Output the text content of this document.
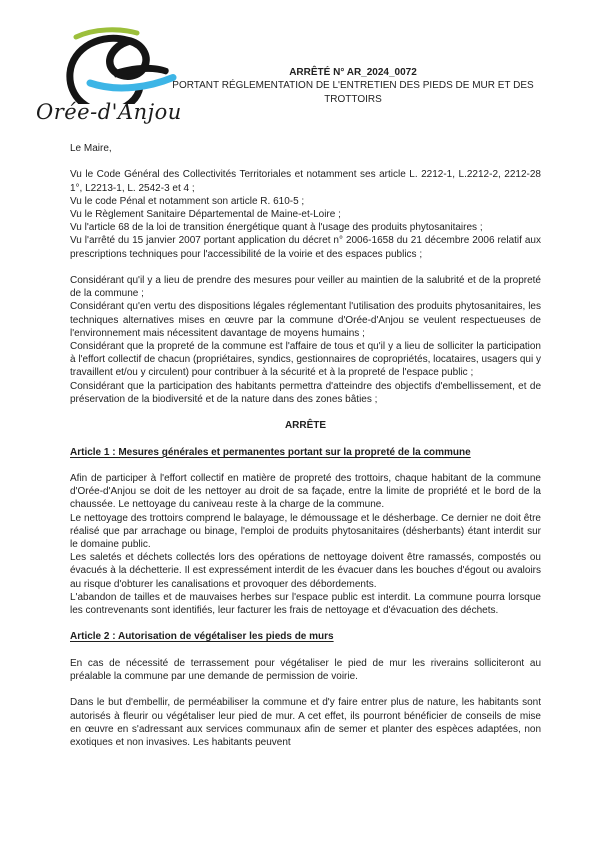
Orée-d'Anjou
ARRÊTÉ N° AR_2024_0072
PORTANT RÉGLEMENTATION DE L'ENTRETIEN DES PIEDS DE MUR ET DES TROTTOIRS

Le Maire,

Vu le Code Général des Collectivités Territoriales et notamment ses article L. 2212-1, L.2212-2, 2212-28 1°, L2213-1, L. 2542-3 et 4 ;

Vu le code Pénal et notamment son article R. 610-5 ;

Vu le Règlement Sanitaire Départemental de Maine-et-Loire ;

Vu l'article 68 de la loi de transition énergétique quant à l'usage des produits phytosanitaires ;

Vu l'arrêté du 15 janvier 2007 portant application du décret n° 2006-1658 du 21 décembre 2006 relatif aux prescriptions techniques pour l'accessibilité de la voirie et des espaces publics ;

Considérant qu'il y a lieu de prendre des mesures pour veiller au maintien de la salubrité et de la propreté de la commune ;

Considérant qu'en vertu des dispositions légales réglementant l'utilisation des produits phytosanitaires, les techniques alternatives mises en œuvre par la commune d'Orée-d'Anjou se veulent respectueuses de l'environnement mais nécessitent davantage de moyens humains ;

Considérant que la propreté de la commune est l'affaire de tous et qu'il y a lieu de solliciter la participation à l'effort collectif de chacun (propriétaires, syndics, gestionnaires de copropriétés, locataires, usagers qui y travaillent et/ou y circulent) pour contribuer à la sécurité et à la propreté de l'espace public ;

Considérant que la participation des habitants permettra d'atteindre des objectifs d'embellissement, et de préservation de la biodiversité et de la nature dans des zones bâties ;

ARRÊTE

Article 1 : Mesures générales et permanentes portant sur la propreté de la commune

Afin de participer à l'effort collectif en matière de propreté des trottoirs, chaque habitant de la commune d'Orée-d'Anjou se doit de les nettoyer au droit de sa façade, entre la limite de propriété et le bord de la chaussée. Le nettoyage du caniveau reste à la charge de la commune.

Le nettoyage des trottoirs comprend le balayage, le démoussage et le désherbage. Ce dernier ne doit être réalisé que par arrachage ou binage, l'emploi de produits phytosanitaires (désherbants) étant interdit sur le domaine public.

Les saletés et déchets collectés lors des opérations de nettoyage doivent être ramassés, compostés ou évacués à la déchetterie. Il est expressément interdit de les évacuer dans les bouches d'égout ou avaloirs au risque d'obturer les canalisations et provoquer des débordements.

L'abandon de tailles et de mauvaises herbes sur l'espace public est interdit. La commune pourra lorsque les contrevenants sont identifiés, leur facturer les frais de nettoyage et d'évacuation des déchets.

Article 2 : Autorisation de végétaliser les pieds de murs

En cas de nécessité de terrassement pour végétaliser le pied de mur les riverains solliciteront au préalable la commune par une demande de permission de voirie.

Dans le but d'embellir, de perméabiliser la commune et d'y faire entrer plus de nature, les habitants sont autorisés à fleurir ou végétaliser leur pied de mur. A cet effet, ils pourront bénéficier de conseils de mise en œuvre en s'adressant aux services communaux afin de semer et planter des espèces adaptées, non exotiques et non invasives. Les habitants peuvent
